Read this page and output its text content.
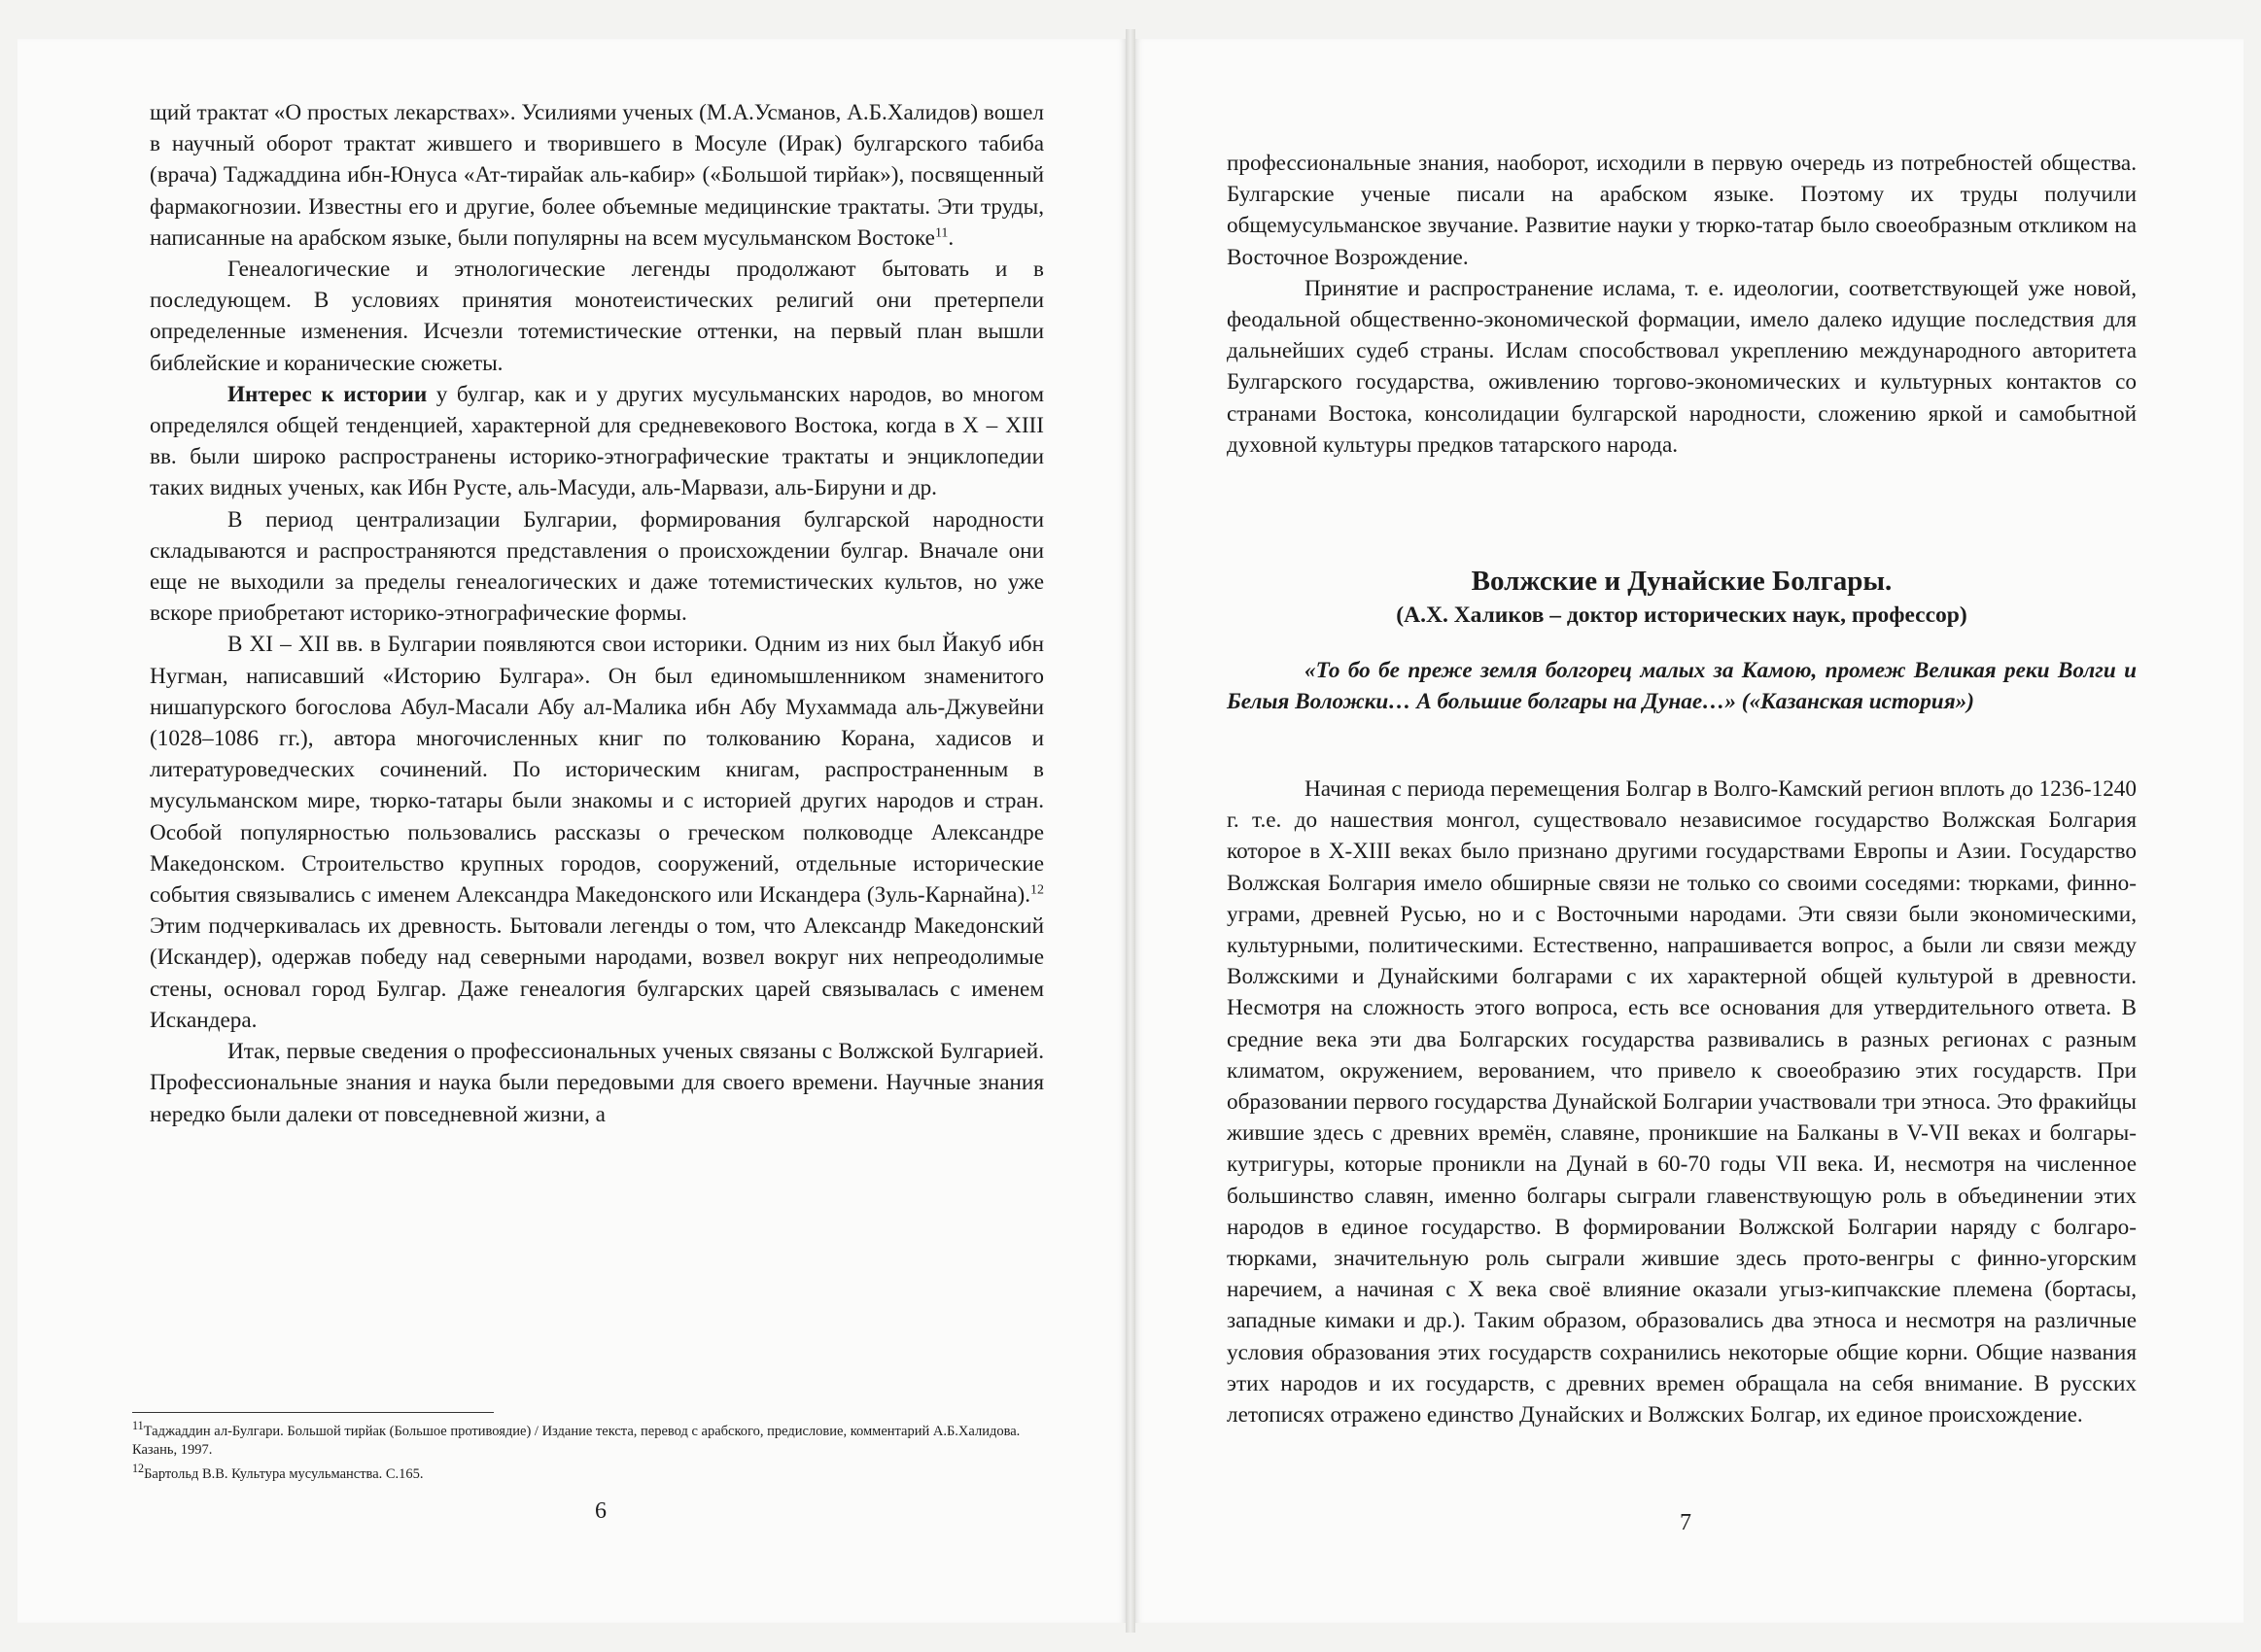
щий трактат «О простых лекарствах». Усилиями ученых (М.А.Усманов, А.Б.Халидов) вошел в научный оборот трактат жившего и творившего в Мосуле (Ирак) булгарского табиба (врача) Таджаддина ибн-Юнуса «Ат-тирайак аль-кабир» («Большой тирйак»), посвященный фармакогнозии. Известны его и другие, более объемные медицинские трактаты. Эти труды, написанные на арабском языке, были популярны на всем мусульманском Востоке$^{11}$.

Генеалогические и этнологические легенды продолжают бытовать и в последующем. В условиях принятия монотеистических религий они претерпели определенные изменения. Исчезли тотемистические оттенки, на первый план вышли библейские и коранические сюжеты.

Интерес к истории у булгар, как и у других мусульманских народов, во многом определялся общей тенденцией, характерной для средневекового Востока, когда в X – XIII вв. были широко распространены историко-этнографические трактаты и энциклопедии таких видных ученых, как Ибн Русте, аль-Масуди, аль-Марвази, аль-Бируни и др.

В период централизации Булгарии, формирования булгарской народности складываются и распространяются представления о происхождении булгар. Вначале они еще не выходили за пределы генеалогических и даже тотемистических культов, но уже вскоре приобретают историко-этнографические формы.

В XI – XII вв. в Булгарии появляются свои историки. Одним из них был Йакуб ибн Нугман, написавший «Историю Булгара». Он был единомышленником знаменитого нишапурского богослова Абул-Масали Абу ал-Малика ибн Абу Мухаммада аль-Джувейни (1028–1086 гг.), автора многочисленных книг по толкованию Корана, хадисов и литературоведческих сочинений. По историческим книгам, распространенным в мусульманском мире, тюрко-татары были знакомы и с историей других народов и стран. Особой популярностью пользовались рассказы о греческом полководце Александре Македонском. Строительство крупных городов, сооружений, отдельные исторические события связывались с именем Александра Македонского или Искандера (Зуль-Карнайна).$^{12}$ Этим подчеркивалась их древность. Бытовали легенды о том, что Александр Македонский (Искандер), одержав победу над северными народами, возвел вокруг них непреодолимые стены, основал город Булгар. Даже генеалогия булгарских царей связывалась с именем Искандера.

Итак, первые сведения о профессиональных ученых связаны с Волжской Булгарией. Профессиональные знания и наука были передовыми для своего времени. Научные знания нередко были далеки от повседневной жизни, а

$^{11}$Таджаддин ал-Булгари. Большой тирйак (Большое противоядие) / Издание текста, перевод с арабского, предисловие, комментарий А.Б.Халидова. Казань, 1997.

$^{12}$Бартольд В.В. Культура мусульманства. С.165.

6

профессиональные знания, наоборот, исходили в первую очередь из потребностей общества. Булгарские ученые писали на арабском языке. Поэтому их труды получили общемусульманское звучание. Развитие науки у тюрко-татар было своеобразным откликом на Восточное Возрождение.

Принятие и распространение ислама, т. е. идеологии, соответствующей уже новой, феодальной общественно-экономической формации, имело далеко идущие последствия для дальнейших судеб страны. Ислам способствовал укреплению международного авторитета Булгарского государства, оживлению торгово-экономических и культурных контактов со странами Востока, консолидации булгарской народности, сложению яркой и самобытной духовной культуры предков татарского народа.

Волжские и Дунайские Болгары.
(А.Х. Халиков – доктор исторических наук, профессор)
«То бо бе преже земля болгорец малых за Камою, промеж Великая реки Волги и Белыя Воложки… А большие болгары на Дунае…» («Казанская история»)

Начиная с периода перемещения Болгар в Волго-Камский регион вплоть до 1236-1240 г. т.е. до нашествия монгол, существовало независимое государство Волжская Болгария которое в X-XIII веках было признано другими государствами Европы и Азии. Государство Волжская Болгария имело обширные связи не только со своими соседями: тюрками, финно-уграми, древней Русью, но и с Восточными народами. Эти связи были экономическими, культурными, политическими. Естественно, напрашивается вопрос, а были ли связи между Волжскими и Дунайскими болгарами с их характерной общей культурой в древности. Несмотря на сложность этого вопроса, есть все основания для утвердительного ответа. В средние века эти два Болгарских государства развивались в разных регионах с разным климатом, окружением, верованием, что привело к своеобразию этих государств. При образовании первого государства Дунайской Болгарии участвовали три этноса. Это фракийцы жившие здесь с древних времён, славяне, проникшие на Балканы в V-VII веках и болгары-кутригуры, которые проникли на Дунай в 60-70 годы VII века. И, несмотря на численное большинство славян, именно болгары сыграли главенствующую роль в объединении этих народов в единое государство. В формировании Волжской Болгарии наряду с болгаро-тюрками, значительную роль сыграли жившие здесь прото-венгры с финно-угорским наречием, а начиная с X века своё влияние оказали угыз-кипчакские племена (бортасы, западные кимаки и др.). Таким образом, образовались два этноса и несмотря на различные условия образования этих государств сохранились некоторые общие корни. Общие названия этих народов и их государств, с древних времен обращала на себя внимание. В русских летописях отражено единство Дунайских и Волжских Болгар, их единое происхождение.

7
